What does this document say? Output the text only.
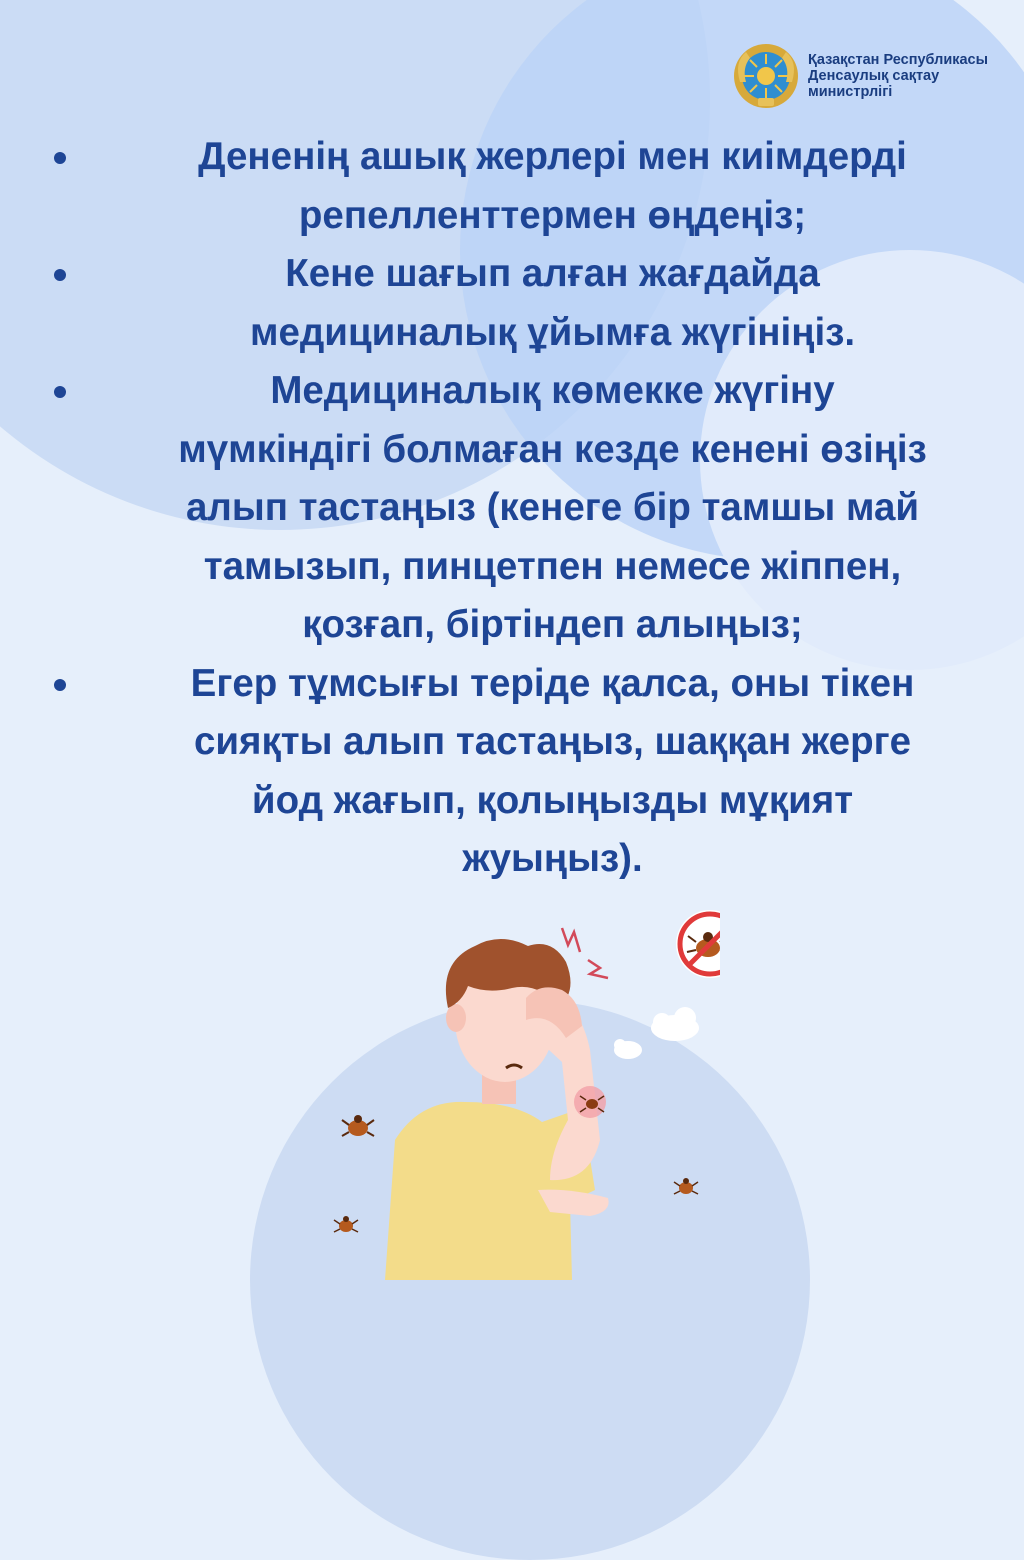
Қазақстан Республикасы
Денсаулық сақтау
министрлігі
Дененің ашық жерлері мен киімдерді
репелленттермен өңдеңіз;
Кене шағып алған жағдайда
медициналық ұйымға жүгініңіз.
Медициналық көмекке жүгіну
мүмкіндігі болмаған кезде кенені өзіңіз
алып тастаңыз (кенеге бір тамшы май
тамызып, пинцетпен немесе жіппен,
қозғап, біртіндеп алыңыз;
Егер тұмсығы теріде қалса, оны тікен
сияқты алып тастаңыз, шаққан жерге
йод жағып, қолыңызды мұқият
жуыңыз).
